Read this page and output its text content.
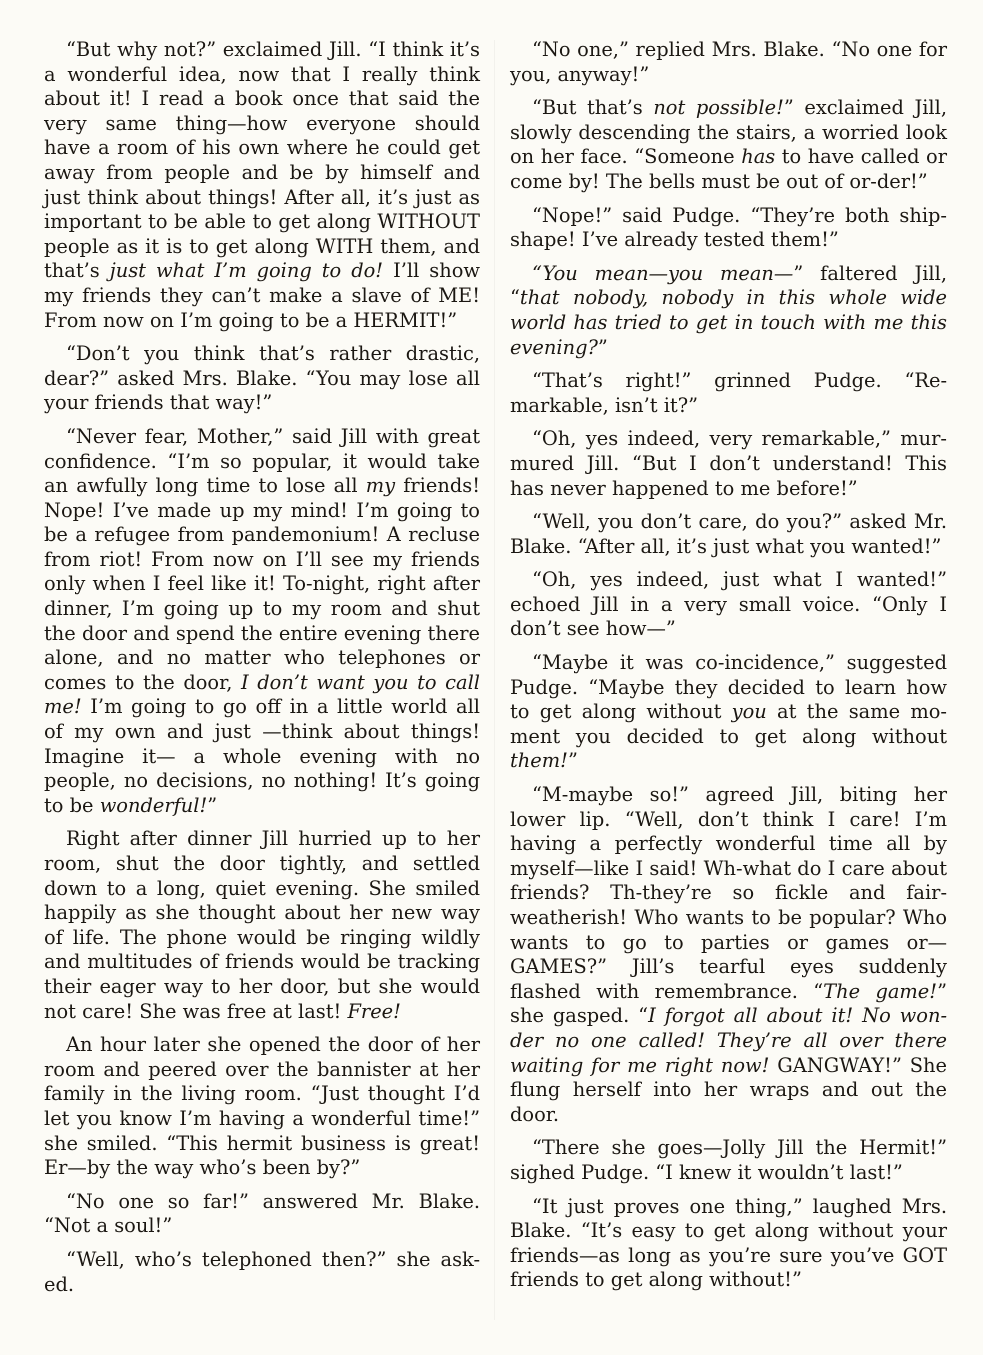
“But why not?” exclaimed Jill. “I think it’s a wonderful idea, now that I really think about it! I read a book once that said the very same thing—how everyone should have a room of his own where he could get away from people and be by himself and just think about things! After all, it’s just as important to be able to get along WITHOUT people as it is to get along WITH them, and that’s just what I’m going to do! I’ll show my friends they can’t make a slave of ME! From now on I’m going to be a HERMIT!”

“Don’t you think that’s rather drastic, dear?” asked Mrs. Blake. “You may lose all your friends that way!”

“Never fear, Mother,” said Jill with great confidence. “I’m so popular, it would take an awfully long time to lose all my friends! Nope! I’ve made up my mind! I’m going to be a refugee from pandemonium! A recluse from riot! From now on I’ll see my friends only when I feel like it! To-night, right after dinner, I’m going up to my room and shut the door and spend the entire evening there alone, and no matter who telephones or comes to the door, I don’t want you to call me! I’m going to go off in a little world all of my own and just —think about things! Imagine it— a whole evening with no people, no decisions, no nothing! It’s going to be wonderful!”

Right after dinner Jill hurried up to her room, shut the door tightly, and settled down to a long, quiet evening. She smiled happily as she thought about her new way of life. The phone would be ringing wildly and multitudes of friends would be tracking their eager way to her door, but she would not care! She was free at last! Free!

An hour later she opened the door of her room and peered over the bannister at her family in the living room. “Just thought I’d let you know I’m having a wonderful time!” she smiled. “This hermit business is great! Er—by the way who’s been by?”

“No one so far!” answered Mr. Blake. “Not a soul!”

“Well, who’s telephoned then?” she ask-ed.

“No one,” replied Mrs. Blake. “No one for you, anyway!”

“But that’s not possible!” exclaimed Jill, slowly descending the stairs, a worried look on her face. “Someone has to have called or come by! The bells must be out of or-der!”

“Nope!” said Pudge. “They’re both ship-shape! I’ve already tested them!”

“You mean—you mean—” faltered Jill, “that nobody, nobody in this whole wide world has tried to get in touch with me this evening?”

“That’s right!” grinned Pudge. “Re-markable, isn’t it?”

“Oh, yes indeed, very remarkable,” mur-mured Jill. “But I don’t understand! This has never happened to me before!”

“Well, you don’t care, do you?” asked Mr. Blake. “After all, it’s just what you wanted!”

“Oh, yes indeed, just what I wanted!” echoed Jill in a very small voice. “Only I don’t see how—”

“Maybe it was co-incidence,” suggested Pudge. “Maybe they decided to learn how to get along without you at the same mo-ment you decided to get along without them!”

“M-maybe so!” agreed Jill, biting her lower lip. “Well, don’t think I care! I’m having a perfectly wonderful time all by myself—like I said! Wh-what do I care about friends? Th-they’re so fickle and fair-weatherish! Who wants to be popular? Who wants to go to parties or games or— GAMES?” Jill’s tearful eyes suddenly flashed with remembrance. “The game!” she gasped. “I forgot all about it! No won-der no one called! They’re all over there waiting for me right now! GANGWAY!” She flung herself into her wraps and out the door.

“There she goes—Jolly Jill the Hermit!” sighed Pudge. “I knew it wouldn’t last!”

“It just proves one thing,” laughed Mrs. Blake. “It’s easy to get along without your friends—as long as you’re sure you’ve GOT friends to get along without!”
